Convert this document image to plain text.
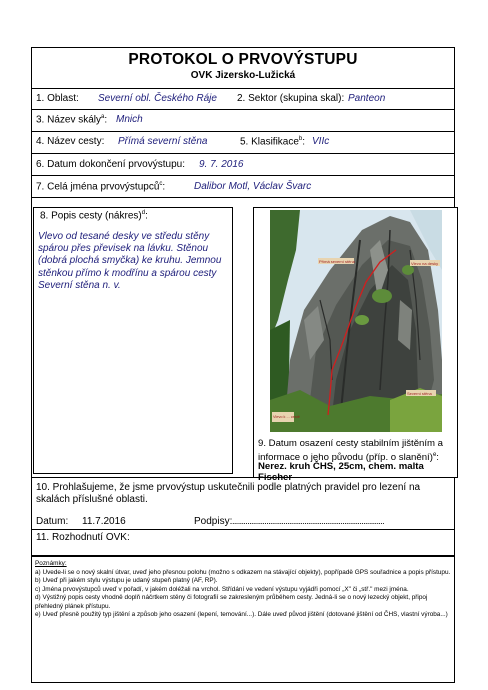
PROTOKOL O PRVOVÝSTUPU
OVK Jizersko-Lužická
1. Oblast: Severní obl. Českého Ráje 2. Sektor (skupina skal): Panteon
3. Název skály$^a$: Mnich
4. Název cesty: Přímá severní stěna	5. Klasifikace$^b$: VIIc
6. Datum dokončení prvovýstupu: 9. 7. 2016
7. Celá jména prvovýstupců$^c$:	Dalibor Motl, Václav Švarc
8. Popis cesty (nákres)$^d$:
Vlevo od tesané desky ve středu stěny spárou přes převisek na lávku. Stěnou (dobrá plochá smyčka) ke kruhu. Jemnou stěnkou přímo k modřínu a spárou cesty Severní stěna n. v.
9. Datum osazení cesty stabilním jištěním a informace o jeho původu (příp. o slanění)$^e$:
Nerez. kruh ČHS, 25cm, chem. malta Fischer
Vlevo na desky
Přímá severní stěna
Vlevo k ... cestě
Severní stěna
10. Prohlašujeme, že jsme prvovýstup uskutečnili podle platných pravidel pro lezení na skalách příslušné oblasti.
Datum: 11.7.2016	Podpisy: ................................................................................
11. Rozhodnutí OVK:

Poznámky:

a) Uvede-li se o nový skalní útvar, uveď jeho přesnou polohu (možno s odkazem na stávající objekty), popřípadě GPS souřadnice a popis přístupu.

b) Uveď při jakém stylu výstupu je udaný stupeň platný (AF, RP).

c) Jména prvovýstupců uveď v pořadí, v jakém doléžali na vrchol. Střídání ve vedení výstupu vyjádři pomocí „X" či „stř." mezi jména.

d) Výstižný popis cesty vhodně doplň náčrtkem stěny či fotografií se zakresleným průběhem cesty. Jedná-li se o nový lezecký objekt, připoj přehledný plánek přístupu.

e) Uveď přesně použitý typ jištění a způsob jeho osazení (lepení, temování...). Dále uveď původ jištění (dotované jištění od ČHS, vlastní výroba...)
